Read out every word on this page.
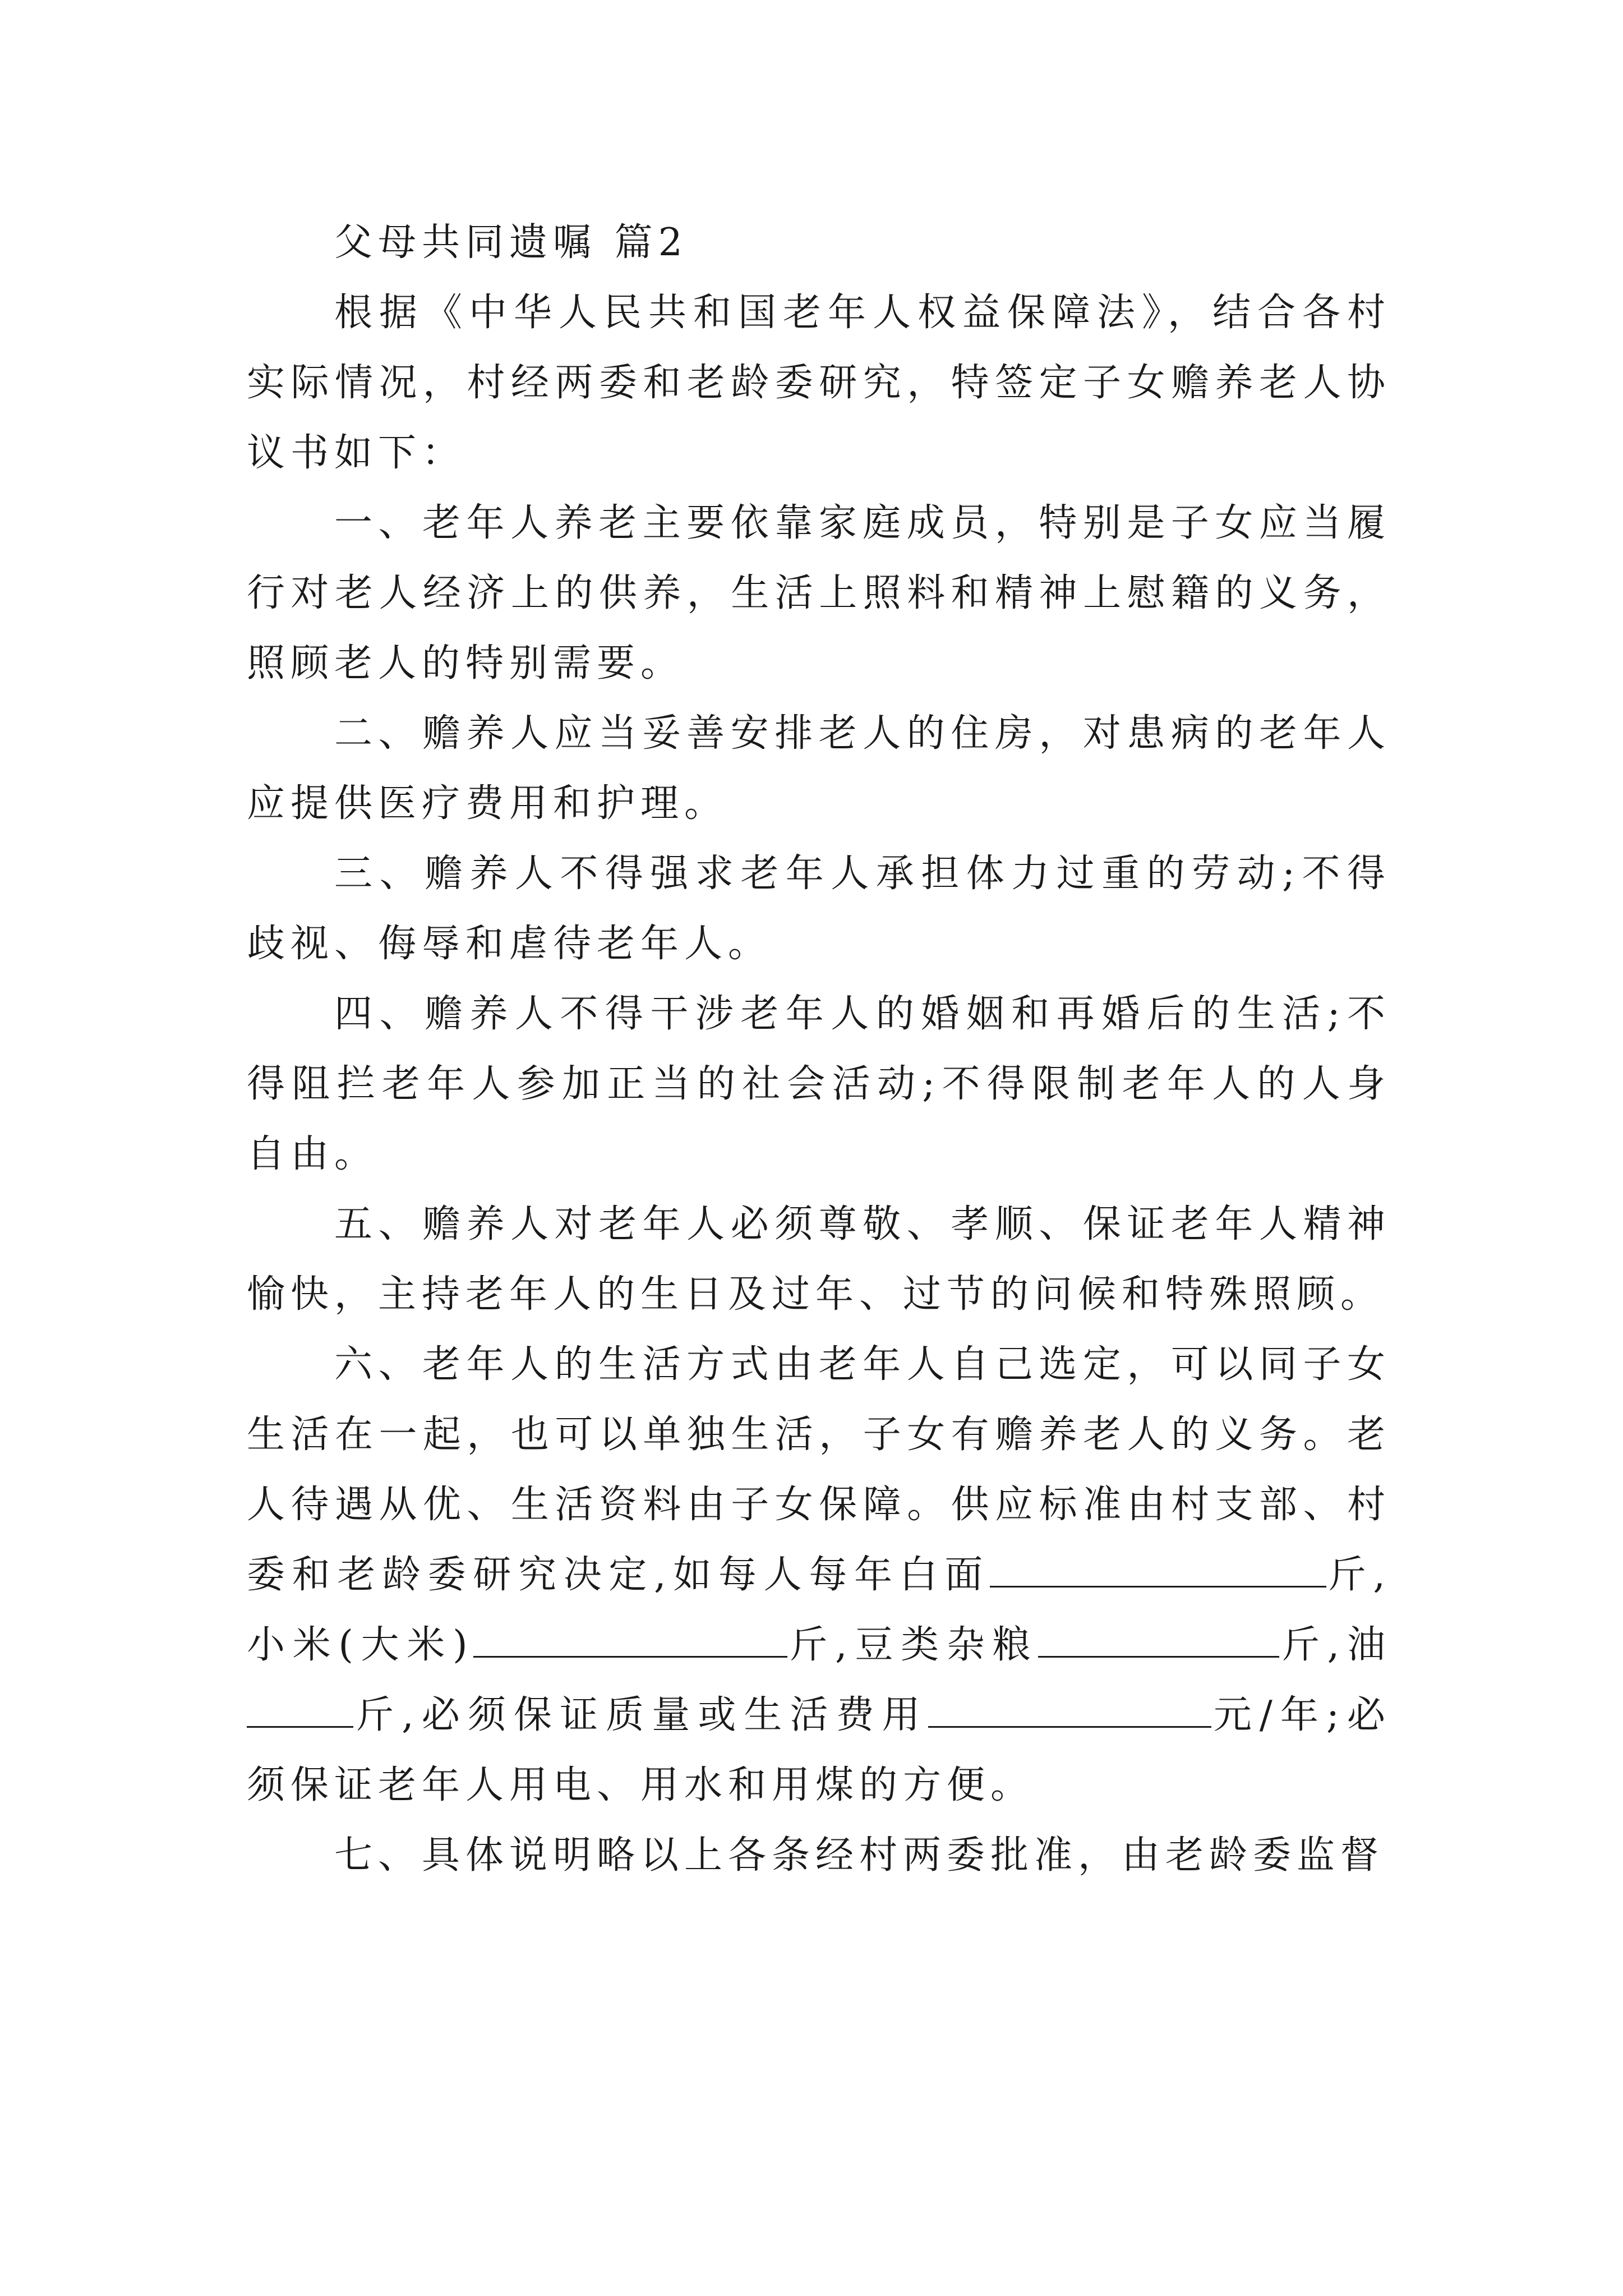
父母共同遗嘱 篇2

根据《中华人民共和国老年人权益保障法》，结合各村实际情况，村经两委和老龄委研究，特签定子女赡养老人协议书如下：

一、老年人养老主要依靠家庭成员，特别是子女应当履行对老人经济上的供养，生活上照料和精神上慰籍的义务，照顾老人的特别需要。

二、赡养人应当妥善安排老人的住房，对患病的老年人应提供医疗费用和护理。

三、赡养人不得强求老年人承担体力过重的劳动;不得歧视、侮辱和虐待老年人。

四、赡养人不得干涉老年人的婚姻和再婚后的生活;不得阻拦老年人参加正当的社会活动;不得限制老年人的人身自由。

五、赡养人对老年人必须尊敬、孝顺、保证老年人精神愉快，主持老年人的生日及过年、过节的问候和特殊照顾。

六、老年人的生活方式由老年人自己选定，可以同子女生活在一起，也可以单独生活，子女有赡养老人的义务。老人待遇从优、生活资料由子女保障。供应标准由村支部、村委和老龄委研究决定,如每人每年白面	斤,小米(大米)	斤,豆类杂粮	斤,油斤,必须保证质量或生活费用	元/年;必须保证老年人用电、用水和用煤的方便。

七、具体说明略以上各条经村两委批准，由老龄委监督
